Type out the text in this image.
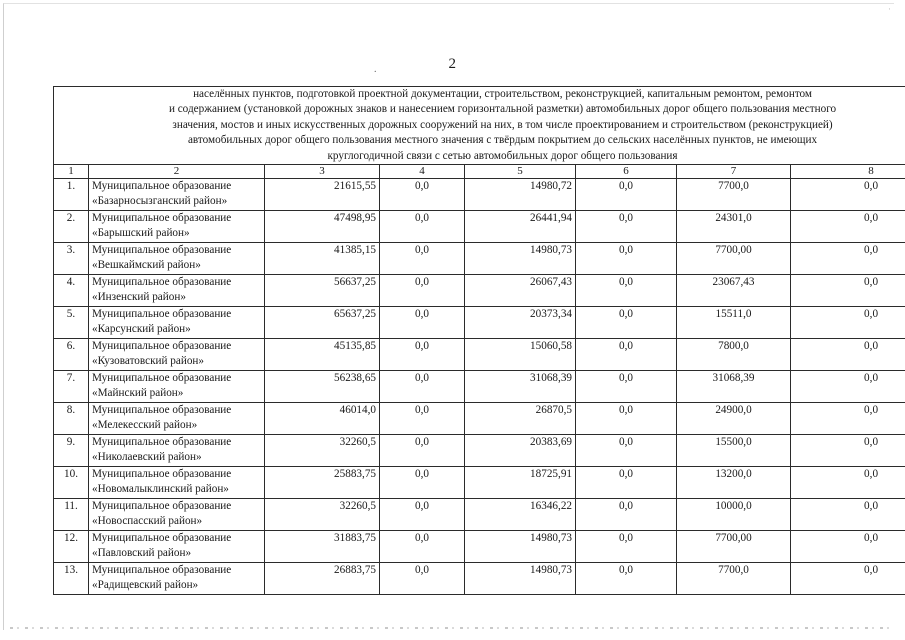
·
2
.
населённых пунктов, подготовкой проектной документации, строительством, реконструкцией, капитальным ремонтом, ремонтом
и содержанием (установкой дорожных знаков и нанесением горизонтальной разметки) автомобильных дорог общего пользования местного
значения, мостов и иных искусственных дорожных сооружений на них, в том числе проектированием и строительством (реконструкцией)
автомобильных дорог общего пользования местного значения с твёрдым покрытием до сельских населённых пунктов, не имеющих
круглогодичной связи с сетью автомобильных дорог общего пользования							

1	2	3	4	5	6	7	8
1.	Муниципальное образование
«Базарносызганский район»	21615,55	0,0	14980,72	0,0	7700,0	0,0
2.	Муниципальное образование
«Барышский район»	47498,95	0,0	26441,94	0,0	24301,0	0,0
3.	Муниципальное образование
«Вешкаймский район»	41385,15	0,0	14980,73	0,0	7700,00	0,0
4.	Муниципальное образование
«Инзенский район»	56637,25	0,0	26067,43	0,0	23067,43	0,0
5.	Муниципальное образование
«Карсунский район»	65637,25	0,0	20373,34	0,0	15511,0	0,0
6.	Муниципальное образование
«Кузоватовский район»	45135,85	0,0	15060,58	0,0	7800,0	0,0
7.	Муниципальное образование
«Майнский район»	56238,65	0,0	31068,39	0,0	31068,39	0,0
8.	Муниципальное образование
«Мелекесский район»	46014,0	0,0	26870,5	0,0	24900,0	0,0
9.	Муниципальное образование
«Николаевский район»	32260,5	0,0	20383,69	0,0	15500,0	0,0
10.	Муниципальное образование
«Новомалыклинский район»	25883,75	0,0	18725,91	0,0	13200,0	0,0
11.	Муниципальное образование
«Новоспасский район»	32260,5	0,0	16346,22	0,0	10000,0	0,0
12.	Муниципальное образование
«Павловский район»	31883,75	0,0	14980,73	0,0	7700,00	0,0
13.	Муниципальное образование
«Радищевский район»	26883,75	0,0	14980,73	0,0	7700,0	0,0
